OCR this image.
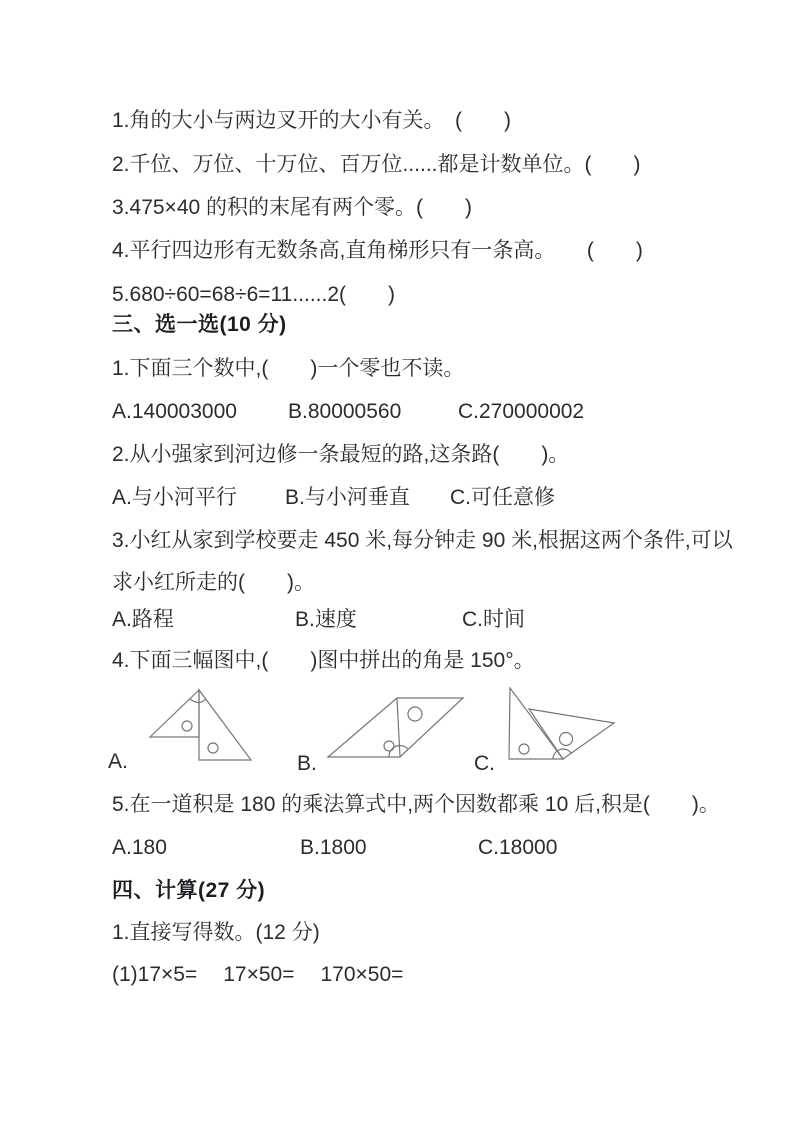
1.角的大小与两边叉开的大小有关。　(　　)
2.千位、万位、十万位、百万位......都是计数单位。(　　)
3.475×40 的积的末尾有两个零。(　　)
4.平行四边形有无数条高,直角梯形只有一条高。　　(　　)
5.680÷60=68÷6=11......2(　　)
三、选一选(10 分)
1.下面三个数中,(　　)一个零也不读。
A.140003000	B.80000560	C.270000002
2.从小强家到河边修一条最短的路,这条路(　　)。
A.与小河平行	B.与小河垂直	C.可任意修
3.小红从家到学校要走 450 米,每分钟走 90 米,根据这两个条件,可以
求小红所走的(　　)。
A.路程	B.速度	C.时间
4.下面三幅图中,(　　)图中拼出的角是 150°。
A.	B.	C.
5.在一道积是 180 的乘法算式中,两个因数都乘 10 后,积是(　　)。
A.180	B.1800	C.18000
四、计算(27 分)
1.直接写得数。(12 分)
(1)17×5= 17×50= 170×50=
